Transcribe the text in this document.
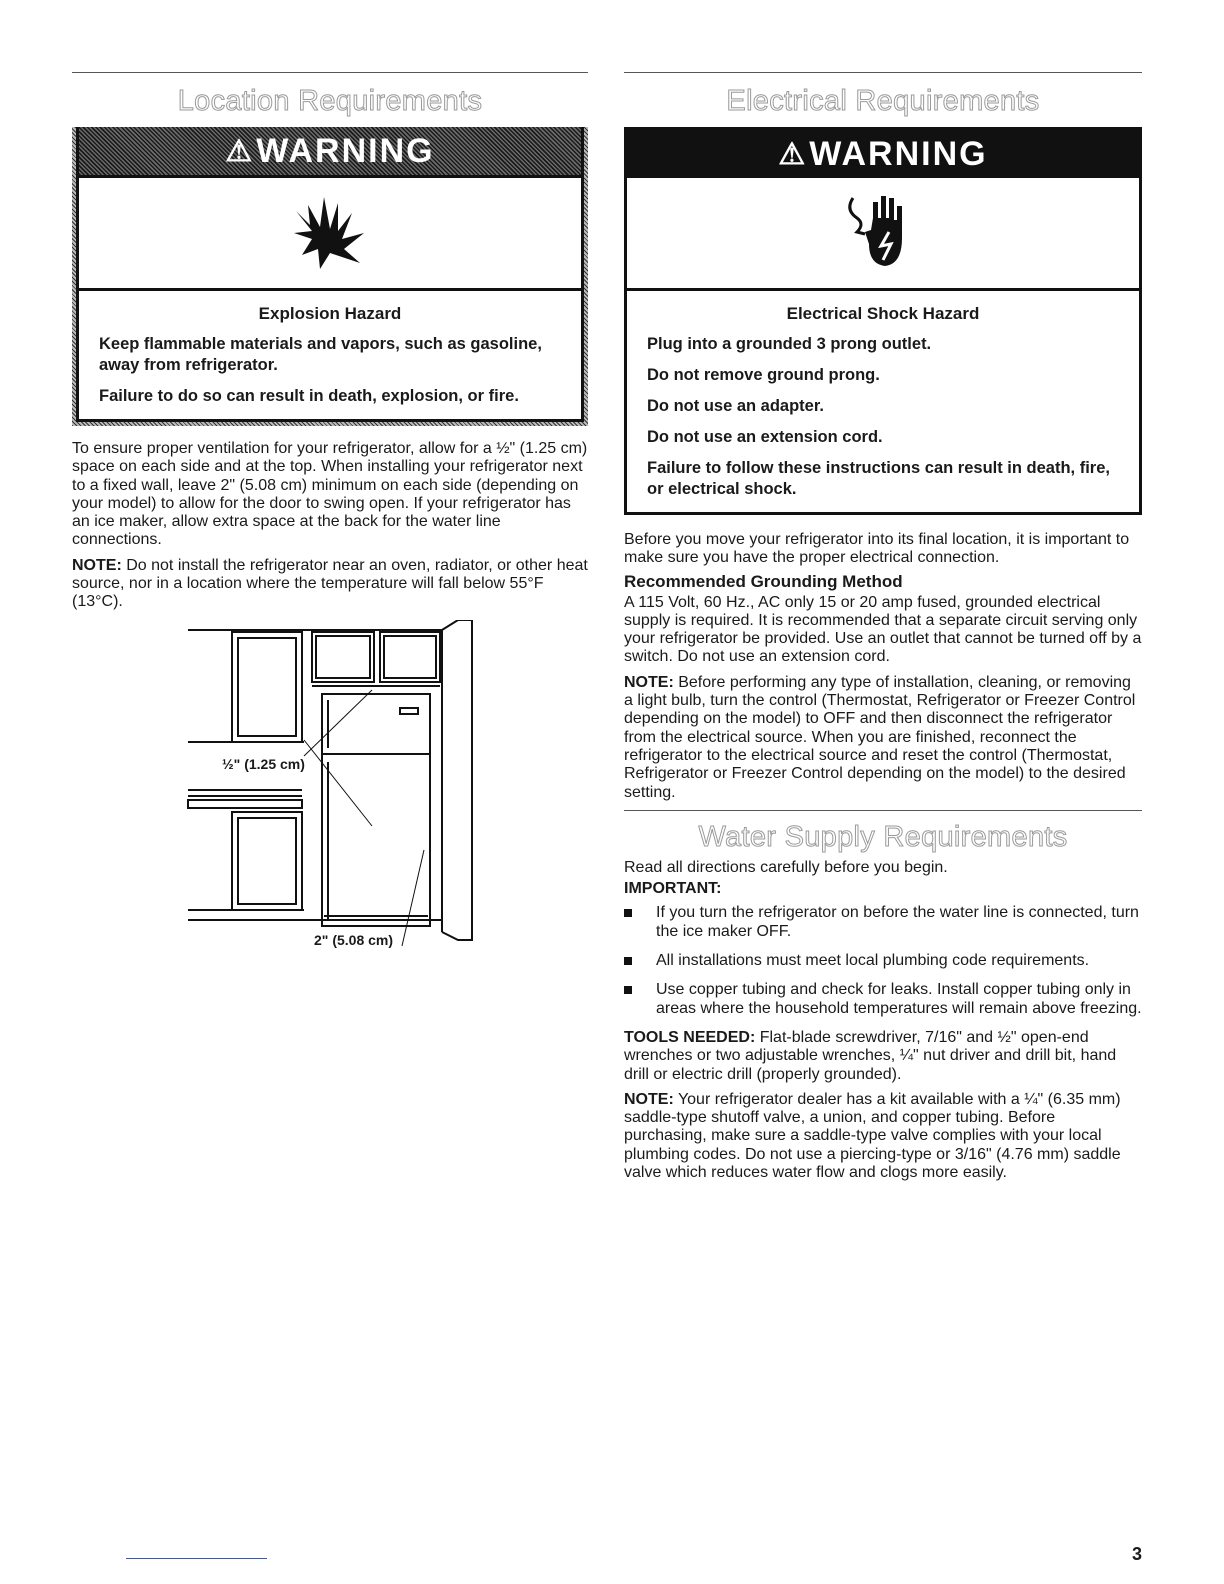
Location Requirements
⚠ WARNING
Explosion Hazard

Keep flammable materials and vapors, such as gasoline, away from refrigerator.

Failure to do so can result in death, explosion, or fire.

To ensure proper ventilation for your refrigerator, allow for a ½" (1.25 cm) space on each side and at the top. When installing your refrigerator next to a fixed wall, leave 2" (5.08 cm) minimum on each side (depending on your model) to allow for the door to swing open. If your refrigerator has an ice maker, allow extra space at the back for the water line connections.

NOTE: Do not install the refrigerator near an oven, radiator, or other heat source, nor in a location where the temperature will fall below 55°F (13°C).

½" (1.25 cm)
2" (5.08 cm)
Electrical Requirements
⚠ WARNING
Electrical Shock Hazard

Plug into a grounded 3 prong outlet.

Do not remove ground prong.

Do not use an adapter.

Do not use an extension cord.

Failure to follow these instructions can result in death, fire, or electrical shock.

Before you move your refrigerator into its final location, it is important to make sure you have the proper electrical connection.

Recommended Grounding Method

A 115 Volt, 60 Hz., AC only 15 or 20 amp fused, grounded electrical supply is required. It is recommended that a separate circuit serving only your refrigerator be provided. Use an outlet that cannot be turned off by a switch. Do not use an extension cord.

NOTE: Before performing any type of installation, cleaning, or removing a light bulb, turn the control (Thermostat, Refrigerator or Freezer Control depending on the model) to OFF and then disconnect the refrigerator from the electrical source. When you are finished, reconnect the refrigerator to the electrical source and reset the control (Thermostat, Refrigerator or Freezer Control depending on the model) to the desired setting.

Water Supply Requirements

Read all directions carefully before you begin.

IMPORTANT:
If you turn the refrigerator on before the water line is connected, turn the ice maker OFF.
All installations must meet local plumbing code requirements.
Use copper tubing and check for leaks. Install copper tubing only in areas where the household temperatures will remain above freezing.

TOOLS NEEDED: Flat-blade screwdriver, 7/16" and ½" open-end wrenches or two adjustable wrenches, ¼" nut driver and drill bit, hand drill or electric drill (properly grounded).

NOTE: Your refrigerator dealer has a kit available with a ¼" (6.35 mm) saddle-type shutoff valve, a union, and copper tubing. Before purchasing, make sure a saddle-type valve complies with your local plumbing codes. Do not use a piercing-type or 3/16" (4.76 mm) saddle valve which reduces water flow and clogs more easily.

3
